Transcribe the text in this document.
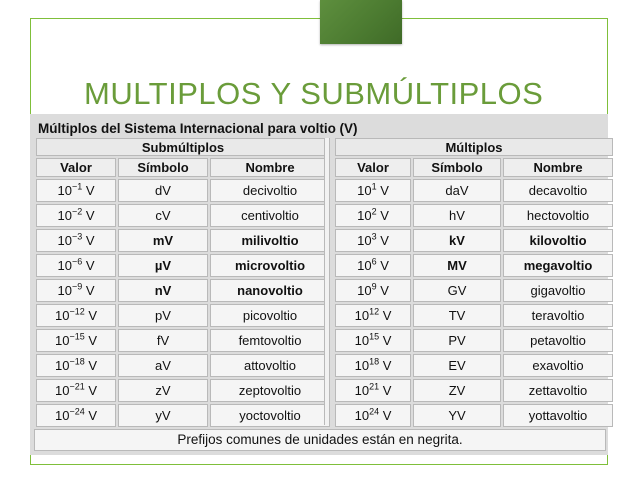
MULTIPLOS Y SUBMÚLTIPLOS
Múltiplos del Sistema Internacional para voltio (V)
Submúltiplos		
Valor	Símbolo	Nombre
$10^{-1}$ V	dV	decivoltio
$10^{-2}$ V	cV	centivoltio
$10^{-3}$ V	mV	milivoltio
$10^{-6}$ V	µV	microvoltio
$10^{-9}$ V	nV	nanovoltio
$10^{-12}$ V	pV	picovoltio
$10^{-15}$ V	fV	femtovoltio
$10^{-18}$ V	aV	attovoltio
$10^{-21}$ V	zV	zeptovoltio
$10^{-24}$ V	yV	yoctovoltio
Múltiplos		
Valor	Símbolo	Nombre
$10^1$ V	daV	decavoltio
$10^2$ V	hV	hectovoltio
$10^3$ V	kV	kilovoltio
$10^6$ V	MV	megavoltio
$10^9$ V	GV	gigavoltio
$10^{12}$ V	TV	teravoltio
$10^{15}$ V	PV	petavoltio
$10^{18}$ V	EV	exavoltio
$10^{21}$ V	ZV	zettavoltio
$10^{24}$ V	YV	yottavoltio
Prefijos comunes de unidades están en negrita.
